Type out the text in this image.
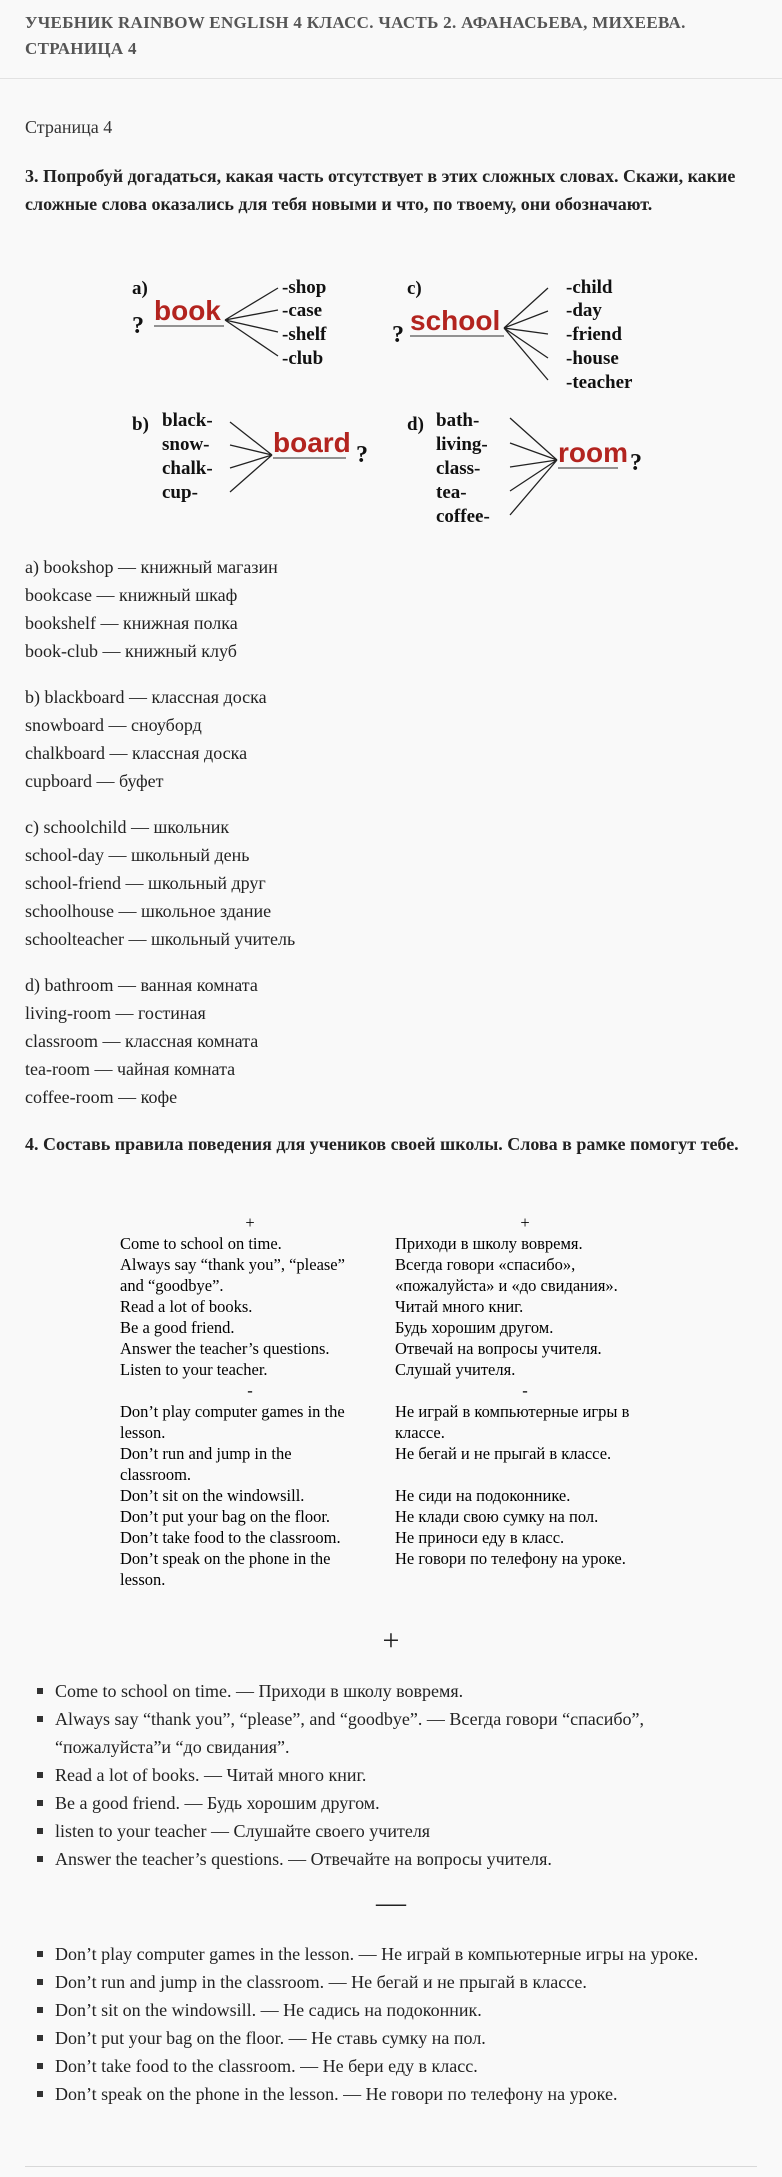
УЧЕБНИК RAINBOW ENGLISH 4 КЛАСС. ЧАСТЬ 2. АФАНАСЬЕВА, МИХЕЕВА. СТРАНИЦА 4
Страница 4
3. Попробуй догадаться, какая часть отсутствует в этих сложных словах. Скажи, какие сложные слова оказались для тебя новыми и что, по твоему, они обозначают.
a)
? book
-shop
-case
-shelf
-club
c)
? school
-child
-day
-friend
-house
-teacher
b) black-
snow-
chalk-
cup-
board ?
d) bath-
living-
class-
tea-
coffee-
room ?
a) bookshop — книжный магазин
bookcase — книжный шкаф
bookshelf — книжная полка
book-club — книжный клуб
b) blackboard — классная доска
snowboard — сноуборд
chalkboard — классная доска
cupboard — буфет
c) schoolchild — школьник
school-day — школьный день
school-friend — школьный друг
schoolhouse — школьное здание
schoolteacher — школьный учитель
d) bathroom — ванная комната
living-room — гостиная
classroom — классная комната
tea-room — чайная комната
coffee-room — кофе
4. Составь правила поведения для учеников своей школы. Слова в рамке помогут тебе.
+
Come to school on time.
Always say “thank you”, “please”
and “goodbye”.
Read a lot of books.
Be a good friend.
Answer the teacher’s questions.
Listen to your teacher.
-
Don’t play computer games in the
lesson.
Don’t run and jump in the
classroom.
Don’t sit on the windowsill.
Don’t put your bag on the floor.
Don’t take food to the classroom.
Don’t speak on the phone in the
lesson.
+
Приходи в школу вовремя.
Всегда говори «спасибо»,
«пожалуйста» и «до свидания».
Читай много книг.
Будь хорошим другом.
Отвечай на вопросы учителя.
Слушай учителя.
-
Не играй в компьютерные игры в
классе.
Не бегай и не прыгай в классе.
Не сиди на подоконнике.
Не клади свою сумку на пол.
Не приноси еду в класс.
Не говори по телефону на уроке.
+
Come to school on time. — Приходи в школу вовремя.
Always say “thank you”, “please”, and “goodbye”. — Всегда говори “спасибо”, “пожалуйста”и “до свидания”.
Read a lot of books. — Читай много книг.
Be a good friend. — Будь хорошим другом.
listen to your teacher — Слушайте своего учителя
Answer the teacher’s questions. — Отвечайте на вопросы учителя.
—
Don’t play computer games in the lesson. — Не играй в компьютерные игры на уроке.
Don’t run and jump in the classroom. — Не бегай и не прыгай в классе.
Don’t sit on the windowsill. — Не садись на подоконник.
Don’t put your bag on the floor. — Не ставь сумку на пол.
Don’t take food to the classroom. — Не бери еду в класс.
Don’t speak on the phone in the lesson. — Не говори по телефону на уроке.
